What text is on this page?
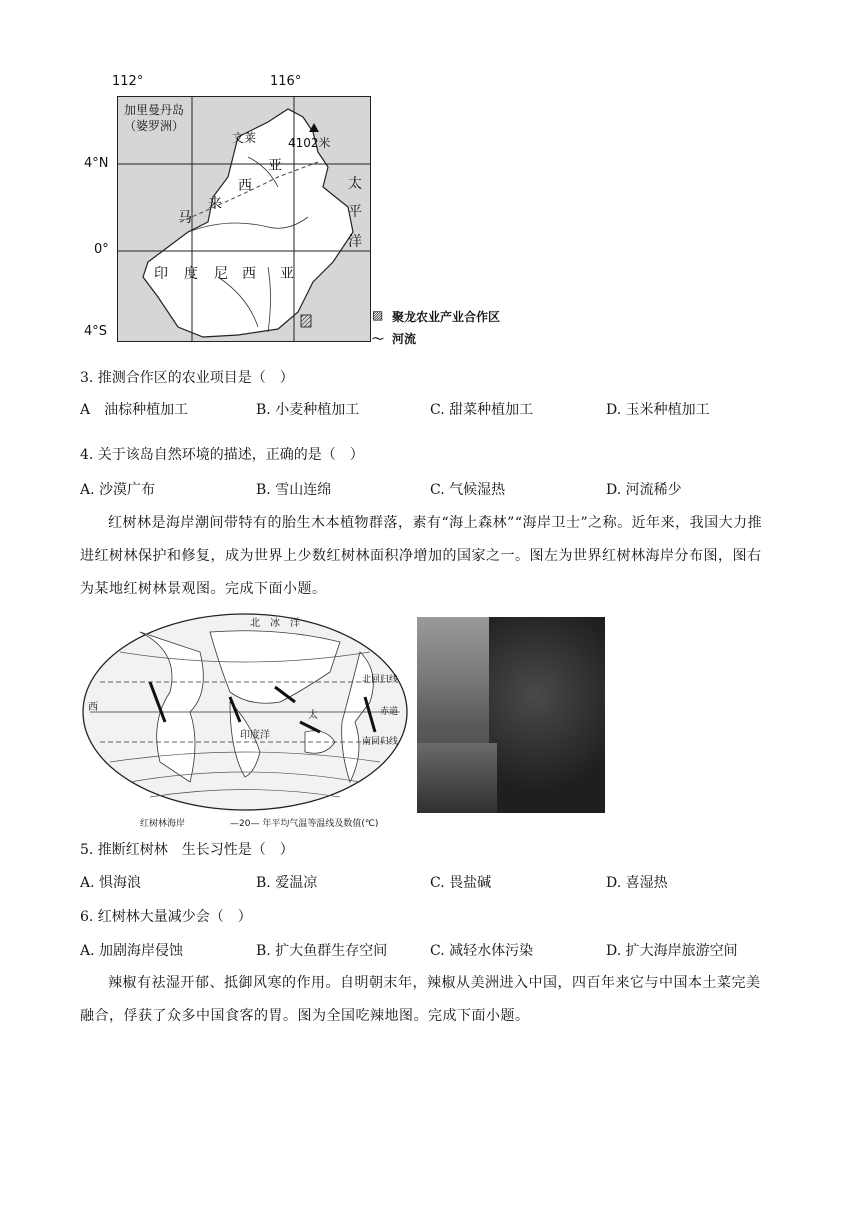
112°	116°
4°N
0°
4°S
加里曼丹岛
（婆罗洲）
文莱	4102米
马
来
西
亚
印 度 尼 西 亚
太
平
洋
▨ 聚龙农业产业合作区
〜 河流
3. 推测合作区的农业项目是（　）
A　油棕种植加工	B. 小麦种植加工	C. 甜菜种植加工	D. 玉米种植加工
4. 关于该岛自然环境的描述，正确的是（　）
A. 沙漠广布	B. 雪山连绵	C. 气候湿热	D. 河流稀少
红树林是海岸潮间带特有的胎生木本植物群落，素有“海上森林”“海岸卫士”之称。近年来，我国大力推进红树林保护和修复，成为世界上少数红树林面积净增加的国家之一。图左为世界红树林海岸分布图，图右为某地红树林景观图。完成下面小题。
北　冰　洋
太
印度洋
西
北回归线
赤道
南回归线
红树林海岸	—20— 年平均气温等温线及数值(℃)
5. 推断红树林　生长习性是（　）
A. 惧海浪	B. 爱温凉	C. 畏盐碱	D. 喜湿热
6. 红树林大量减少会（　）
A. 加剧海岸侵蚀	B. 扩大鱼群生存空间	C. 减轻水体污染	D. 扩大海岸旅游空间
辣椒有祛湿开郁、抵御风寒的作用。自明朝末年，辣椒从美洲进入中国，四百年来它与中国本土菜完美融合，俘获了众多中国食客的胃。图为全国吃辣地图。完成下面小题。
